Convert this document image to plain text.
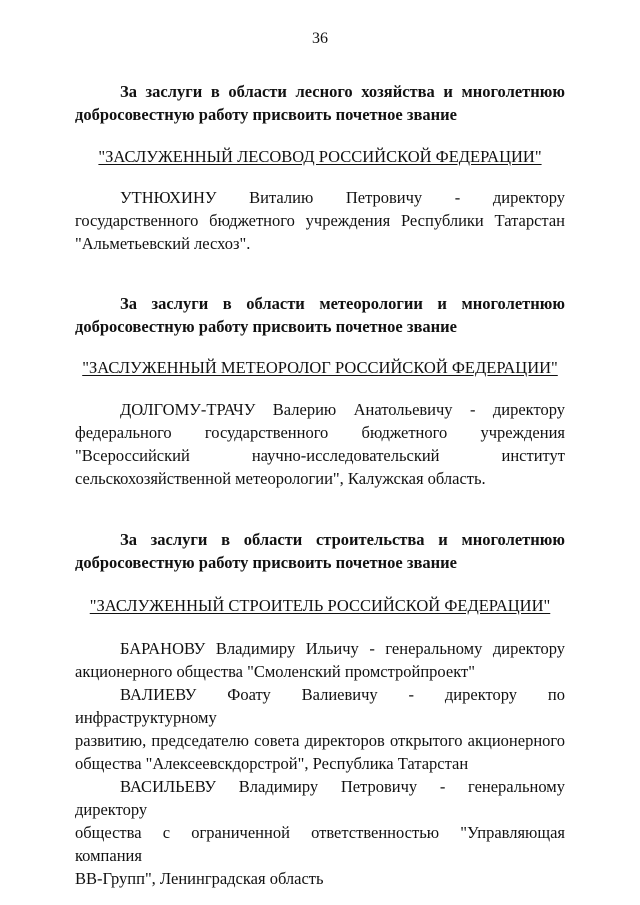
36
За заслуги в области лесного хозяйства и многолетнюю
добросовестную работу присвоить почетное звание
"ЗАСЛУЖЕННЫЙ ЛЕСОВОД РОССИЙСКОЙ ФЕДЕРАЦИИ"
УТНЮХИНУ Виталию Петровичу - директору
государственного бюджетного учреждения Республики Татарстан
"Альметьевский лесхоз".
За заслуги в области метеорологии и многолетнюю
добросовестную работу присвоить почетное звание
"ЗАСЛУЖЕННЫЙ МЕТЕОРОЛОГ РОССИЙСКОЙ ФЕДЕРАЦИИ"
ДОЛГОМУ-ТРАЧУ Валерию Анатольевичу - директору
федерального государственного бюджетного учреждения
"Всероссийский научно-исследовательский институт
сельскохозяйственной метеорологии", Калужская область.
За заслуги в области строительства и многолетнюю
добросовестную работу присвоить почетное звание
"ЗАСЛУЖЕННЫЙ СТРОИТЕЛЬ РОССИЙСКОЙ ФЕДЕРАЦИИ"
БАРАНОВУ Владимиру Ильичу - генеральному директору
акционерного общества "Смоленский промстройпроект"
ВАЛИЕВУ Фоату Валиевичу - директору по инфраструктурному
развитию, председателю совета директоров открытого акционерного
общества "Алексеевскдорстрой", Республика Татарстан
ВАСИЛЬЕВУ Владимиру Петровичу - генеральному директору
общества с ограниченной ответственностью "Управляющая компания
ВВ-Групп", Ленинградская область
